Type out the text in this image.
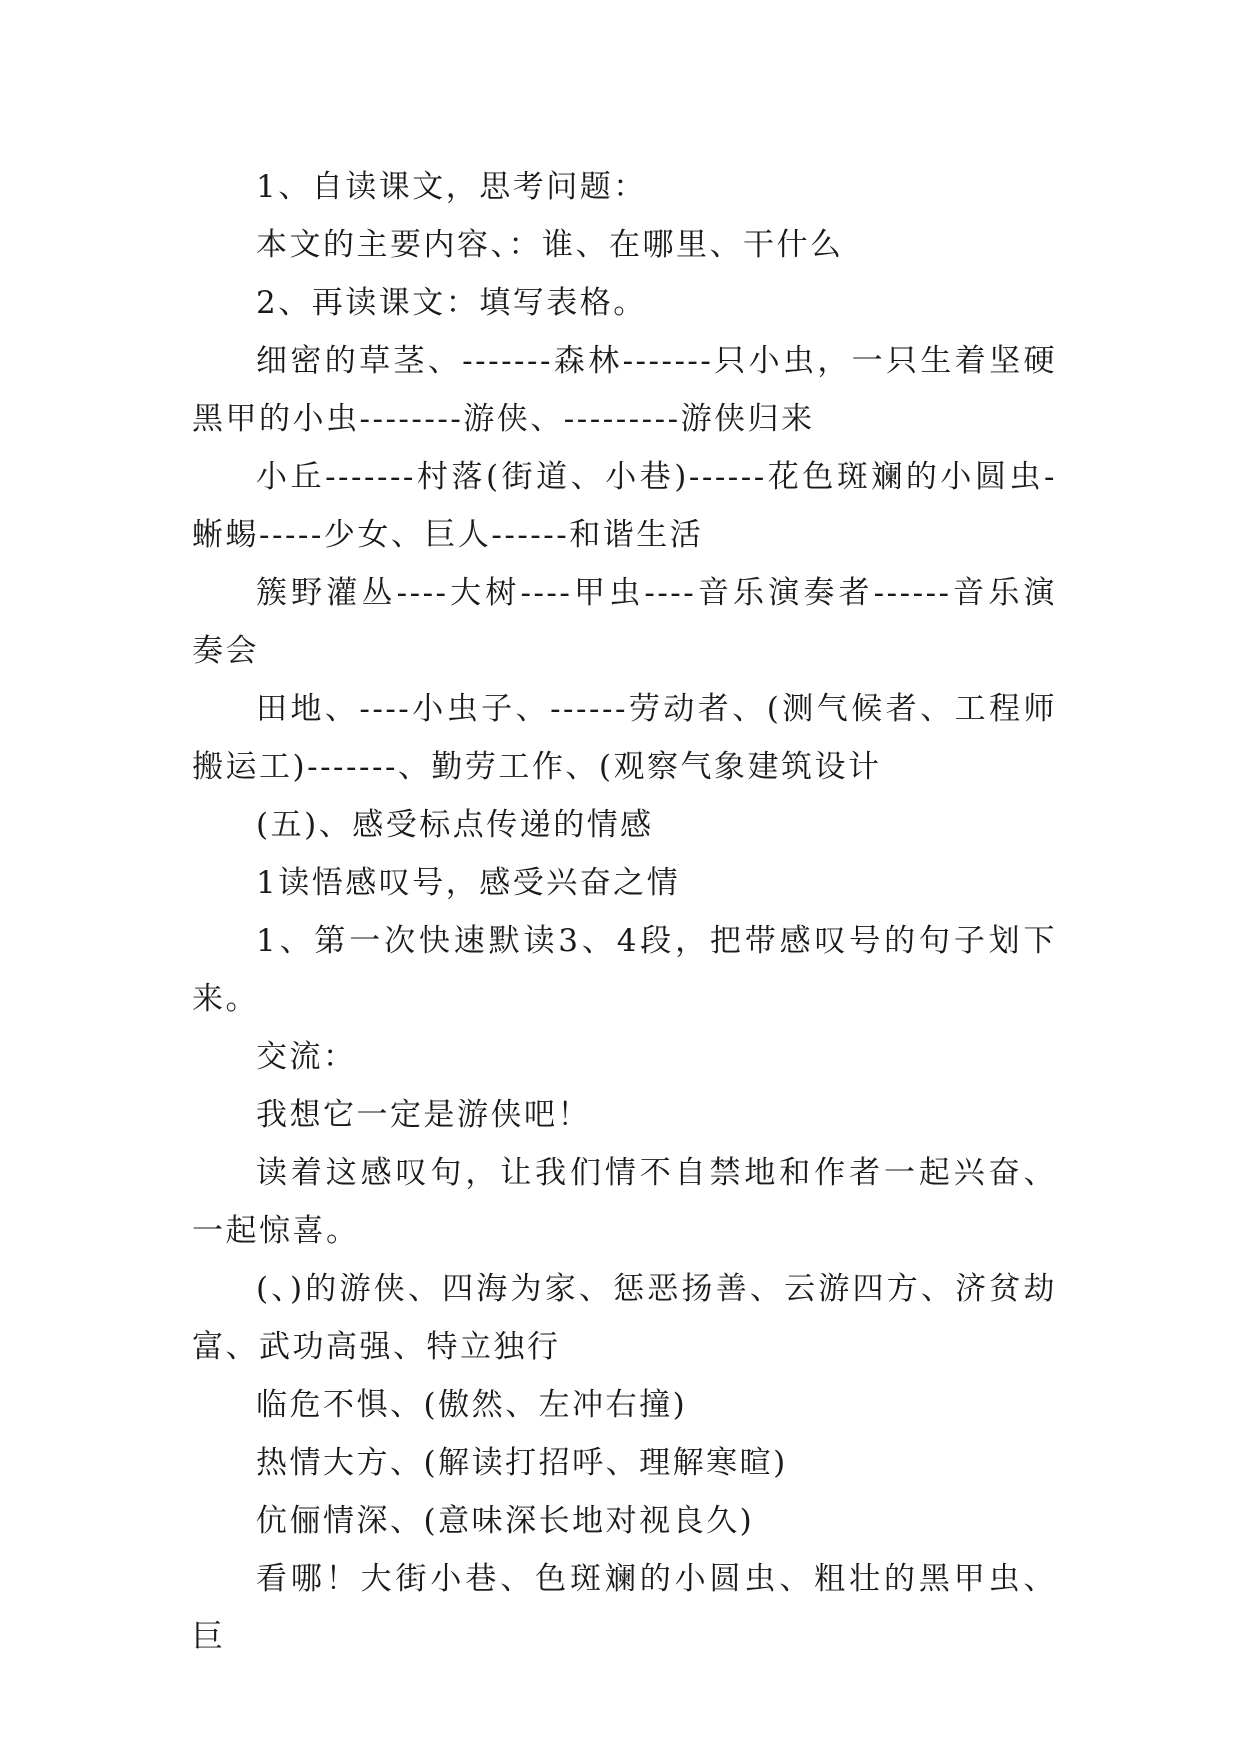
1、自读课文，思考问题：

本文的主要内容、：谁、在哪里、干什么

2、再读课文：填写表格。

细密的草茎、-------森林-------只小虫，一只生着坚硬黑甲的小虫--------游侠、---------游侠归来

小丘-------村落(街道、小巷)------花色斑斓的小圆虫-蜥蜴-----少女、巨人------和谐生活

簇野灌丛----大树----甲虫----音乐演奏者------音乐演奏会

田地、----小虫子、------劳动者、(测气候者、工程师搬运工)-------、勤劳工作、(观察气象建筑设计

(五)、感受标点传递的情感

1读悟感叹号，感受兴奋之情

1、第一次快速默读3、4段，把带感叹号的句子划下来。

交流：

我想它一定是游侠吧！

读着这感叹句，让我们情不自禁地和作者一起兴奋、一起惊喜。

(、)的游侠、四海为家、惩恶扬善、云游四方、济贫劫富、武功高强、特立独行

临危不惧、(傲然、左冲右撞)

热情大方、(解读打招呼、理解寒暄)

伉俪情深、(意味深长地对视良久)

看哪！大街小巷、色斑斓的小圆虫、粗壮的黑甲虫、巨
